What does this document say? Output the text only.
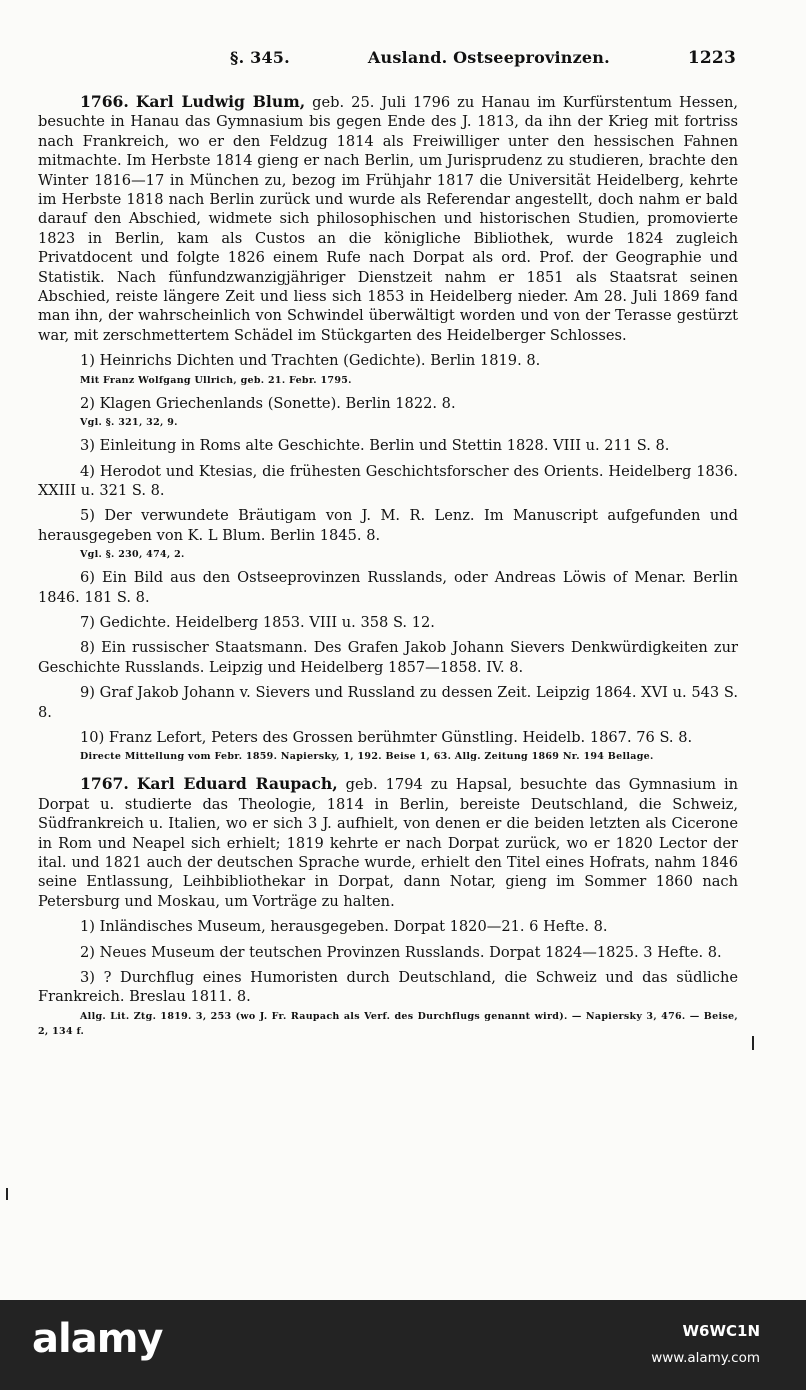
§. 345.	Ausland. Ostseeprovinzen.	1223

1766. Karl Ludwig Blum, geb. 25. Juli 1796 zu Hanau im Kurfürstentum Hessen, besuchte in Hanau das Gymnasium bis gegen Ende des J. 1813, da ihn der Krieg mit fortriss nach Frankreich, wo er den Feldzug 1814 als Freiwilliger unter den hessischen Fahnen mitmachte. Im Herbste 1814 gieng er nach Berlin, um Jurisprudenz zu studieren, brachte den Winter 1816—17 in München zu, bezog im Frühjahr 1817 die Universität Heidelberg, kehrte im Herbste 1818 nach Berlin zurück und wurde als Referendar angestellt, doch nahm er bald darauf den Abschied, widmete sich philosophischen und historischen Studien, promovierte 1823 in Berlin, kam als Custos an die königliche Bibliothek, wurde 1824 zugleich Privatdocent und folgte 1826 einem Rufe nach Dorpat als ord. Prof. der Geographie und Statistik. Nach fünfundzwanzigjähriger Dienstzeit nahm er 1851 als Staatsrat seinen Abschied, reiste längere Zeit und liess sich 1853 in Heidelberg nieder. Am 28. Juli 1869 fand man ihn, der wahrscheinlich von Schwindel überwältigt worden und von der Terasse gestürzt war, mit zerschmettertem Schädel im Stückgarten des Heidelberger Schlosses.

1) Heinrichs Dichten und Trachten (Gedichte). Berlin 1819. 8.

Mit Franz Wolfgang Ullrich, geb. 21. Febr. 1795.

2) Klagen Griechenlands (Sonette). Berlin 1822. 8.

Vgl. §. 321, 32, 9.

3) Einleitung in Roms alte Geschichte. Berlin und Stettin 1828. VIII u. 211 S. 8.

4) Herodot und Ktesias, die frühesten Geschichtsforscher des Orients. Heidelberg 1836. XXIII u. 321 S. 8.

5) Der verwundete Bräutigam von J. M. R. Lenz. Im Manuscript aufgefunden und herausgegeben von K. L Blum. Berlin 1845. 8.

Vgl. §. 230, 474, 2.

6) Ein Bild aus den Ostseeprovinzen Russlands, oder Andreas Löwis of Menar. Berlin 1846. 181 S. 8.

7) Gedichte. Heidelberg 1853. VIII u. 358 S. 12.

8) Ein russischer Staatsmann. Des Grafen Jakob Johann Sievers Denkwürdigkeiten zur Geschichte Russlands. Leipzig und Heidelberg 1857—1858. IV. 8.

9) Graf Jakob Johann v. Sievers und Russland zu dessen Zeit. Leipzig 1864. XVI u. 543 S. 8.

10) Franz Lefort, Peters des Grossen berühmter Günstling. Heidelb. 1867. 76 S. 8.

Directe Mittellung vom Febr. 1859. Napiersky, 1, 192. Beise 1, 63. Allg. Zeitung 1869 Nr. 194 Bellage.

1767. Karl Eduard Raupach, geb. 1794 zu Hapsal, besuchte das Gymnasium in Dorpat u. studierte das Theologie, 1814 in Berlin, bereiste Deutschland, die Schweiz, Südfrankreich u. Italien, wo er sich 3 J. aufhielt, von denen er die beiden letzten als Cicerone in Rom und Neapel sich erhielt; 1819 kehrte er nach Dorpat zurück, wo er 1820 Lector der ital. und 1821 auch der deutschen Sprache wurde, erhielt den Titel eines Hofrats, nahm 1846 seine Entlassung, Leihbibliothekar in Dorpat, dann Notar, gieng im Sommer 1860 nach Petersburg und Moskau, um Vorträge zu halten.

1) Inländisches Museum, herausgegeben. Dorpat 1820—21. 6 Hefte. 8.

2) Neues Museum der teutschen Provinzen Russlands. Dorpat 1824—1825. 3 Hefte. 8.

3) ? Durchflug eines Humoristen durch Deutschland, die Schweiz und das südliche Frankreich. Breslau 1811. 8.

Allg. Lit. Ztg. 1819. 3, 253 (wo J. Fr. Raupach als Verf. des Durchflugs genannt wird). — Napiersky 3, 476. — Beise, 2, 134 f.

alamy	W6WC1N
www.alamy.com
